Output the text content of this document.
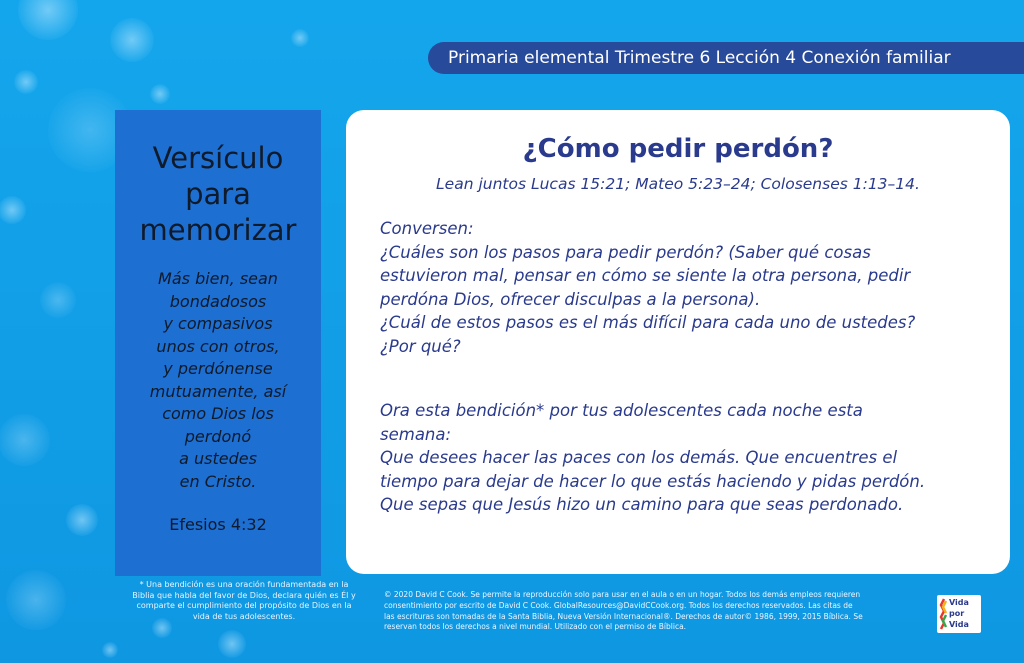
Primaria elemental Trimestre 6 Lección 4 Conexión familiar
Versículo
para
memorizar
Más bien, sean
bondadosos
y compasivos
unos con otros,
y perdónense
mutuamente, así
como Dios los
perdonó
a ustedes
en Cristo.
Efesios 4:32
* Una bendición es una oración fundamentada en la
Biblia que habla del favor de Dios, declara quién es Él y
comparte el cumplimiento del propósito de Dios en la
vida de tus adolescentes.
¿Cómo pedir perdón?
Lean juntos Lucas 15:21; Mateo 5:23–24; Colosenses 1:13–14.
Conversen:
¿Cuáles son los pasos para pedir perdón? (Saber qué cosas
estuvieron mal, pensar en cómo se siente la otra persona, pedir
perdóna Dios, ofrecer disculpas a la persona).
¿Cuál de estos pasos es el más difícil para cada uno de ustedes?
¿Por qué?
Ora esta bendición* por tus adolescentes cada noche esta
semana:
Que desees hacer las paces con los demás. Que encuentres el
tiempo para dejar de hacer lo que estás haciendo y pidas perdón.
Que sepas que Jesús hizo un camino para que seas perdonado.
© 2020 David C Cook. Se permite la reproducción solo para usar en el aula o en un hogar. Todos los demás empleos requieren
consentimiento por escrito de David C Cook. GlobalResources@DavidCCook.org. Todos los derechos reservados. Las citas de
las escrituras son tomadas de la Santa Biblia, Nueva Versión Internacional®. Derechos de autor© 1986, 1999, 2015 Bíblica. Se
reservan todos los derechos a nivel mundial. Utilizado con el permiso de Bíblica.
Vida
por
Vida
